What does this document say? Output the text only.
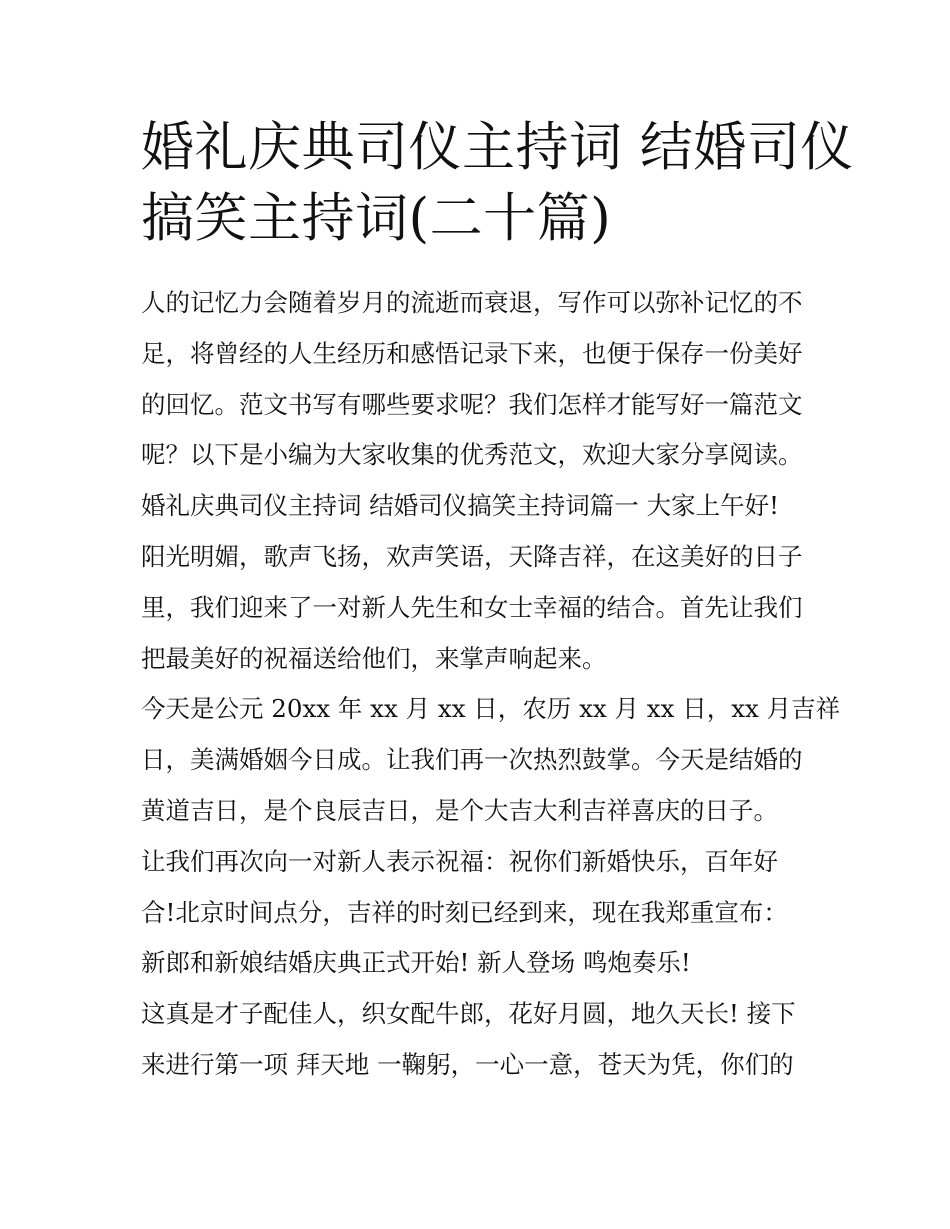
婚礼庆典司仪主持词 结婚司仪
搞笑主持词(二十篇)
人的记忆力会随着岁月的流逝而衰退，写作可以弥补记忆的不
足，将曾经的人生经历和感悟记录下来，也便于保存一份美好
的回忆。范文书写有哪些要求呢？我们怎样才能写好一篇范文
呢？以下是小编为大家收集的优秀范文，欢迎大家分享阅读。
婚礼庆典司仪主持词 结婚司仪搞笑主持词篇一 大家上午好!
阳光明媚，歌声飞扬，欢声笑语，天降吉祥，在这美好的日子
里，我们迎来了一对新人先生和女士幸福的结合。首先让我们
把最美好的祝福送给他们，来掌声响起来。
今天是公元 20xx 年 xx 月 xx 日，农历 xx 月 xx 日，xx 月吉祥
日，美满婚姻今日成。让我们再一次热烈鼓掌。今天是结婚的
黄道吉日，是个良辰吉日，是个大吉大利吉祥喜庆的日子。
让我们再次向一对新人表示祝福：祝你们新婚快乐，百年好
合!北京时间点分，吉祥的时刻已经到来，现在我郑重宣布：
新郎和新娘结婚庆典正式开始! 新人登场 鸣炮奏乐!
这真是才子配佳人，织女配牛郎，花好月圆，地久天长! 接下
来进行第一项 拜天地 一鞠躬，一心一意，苍天为凭，你们的
